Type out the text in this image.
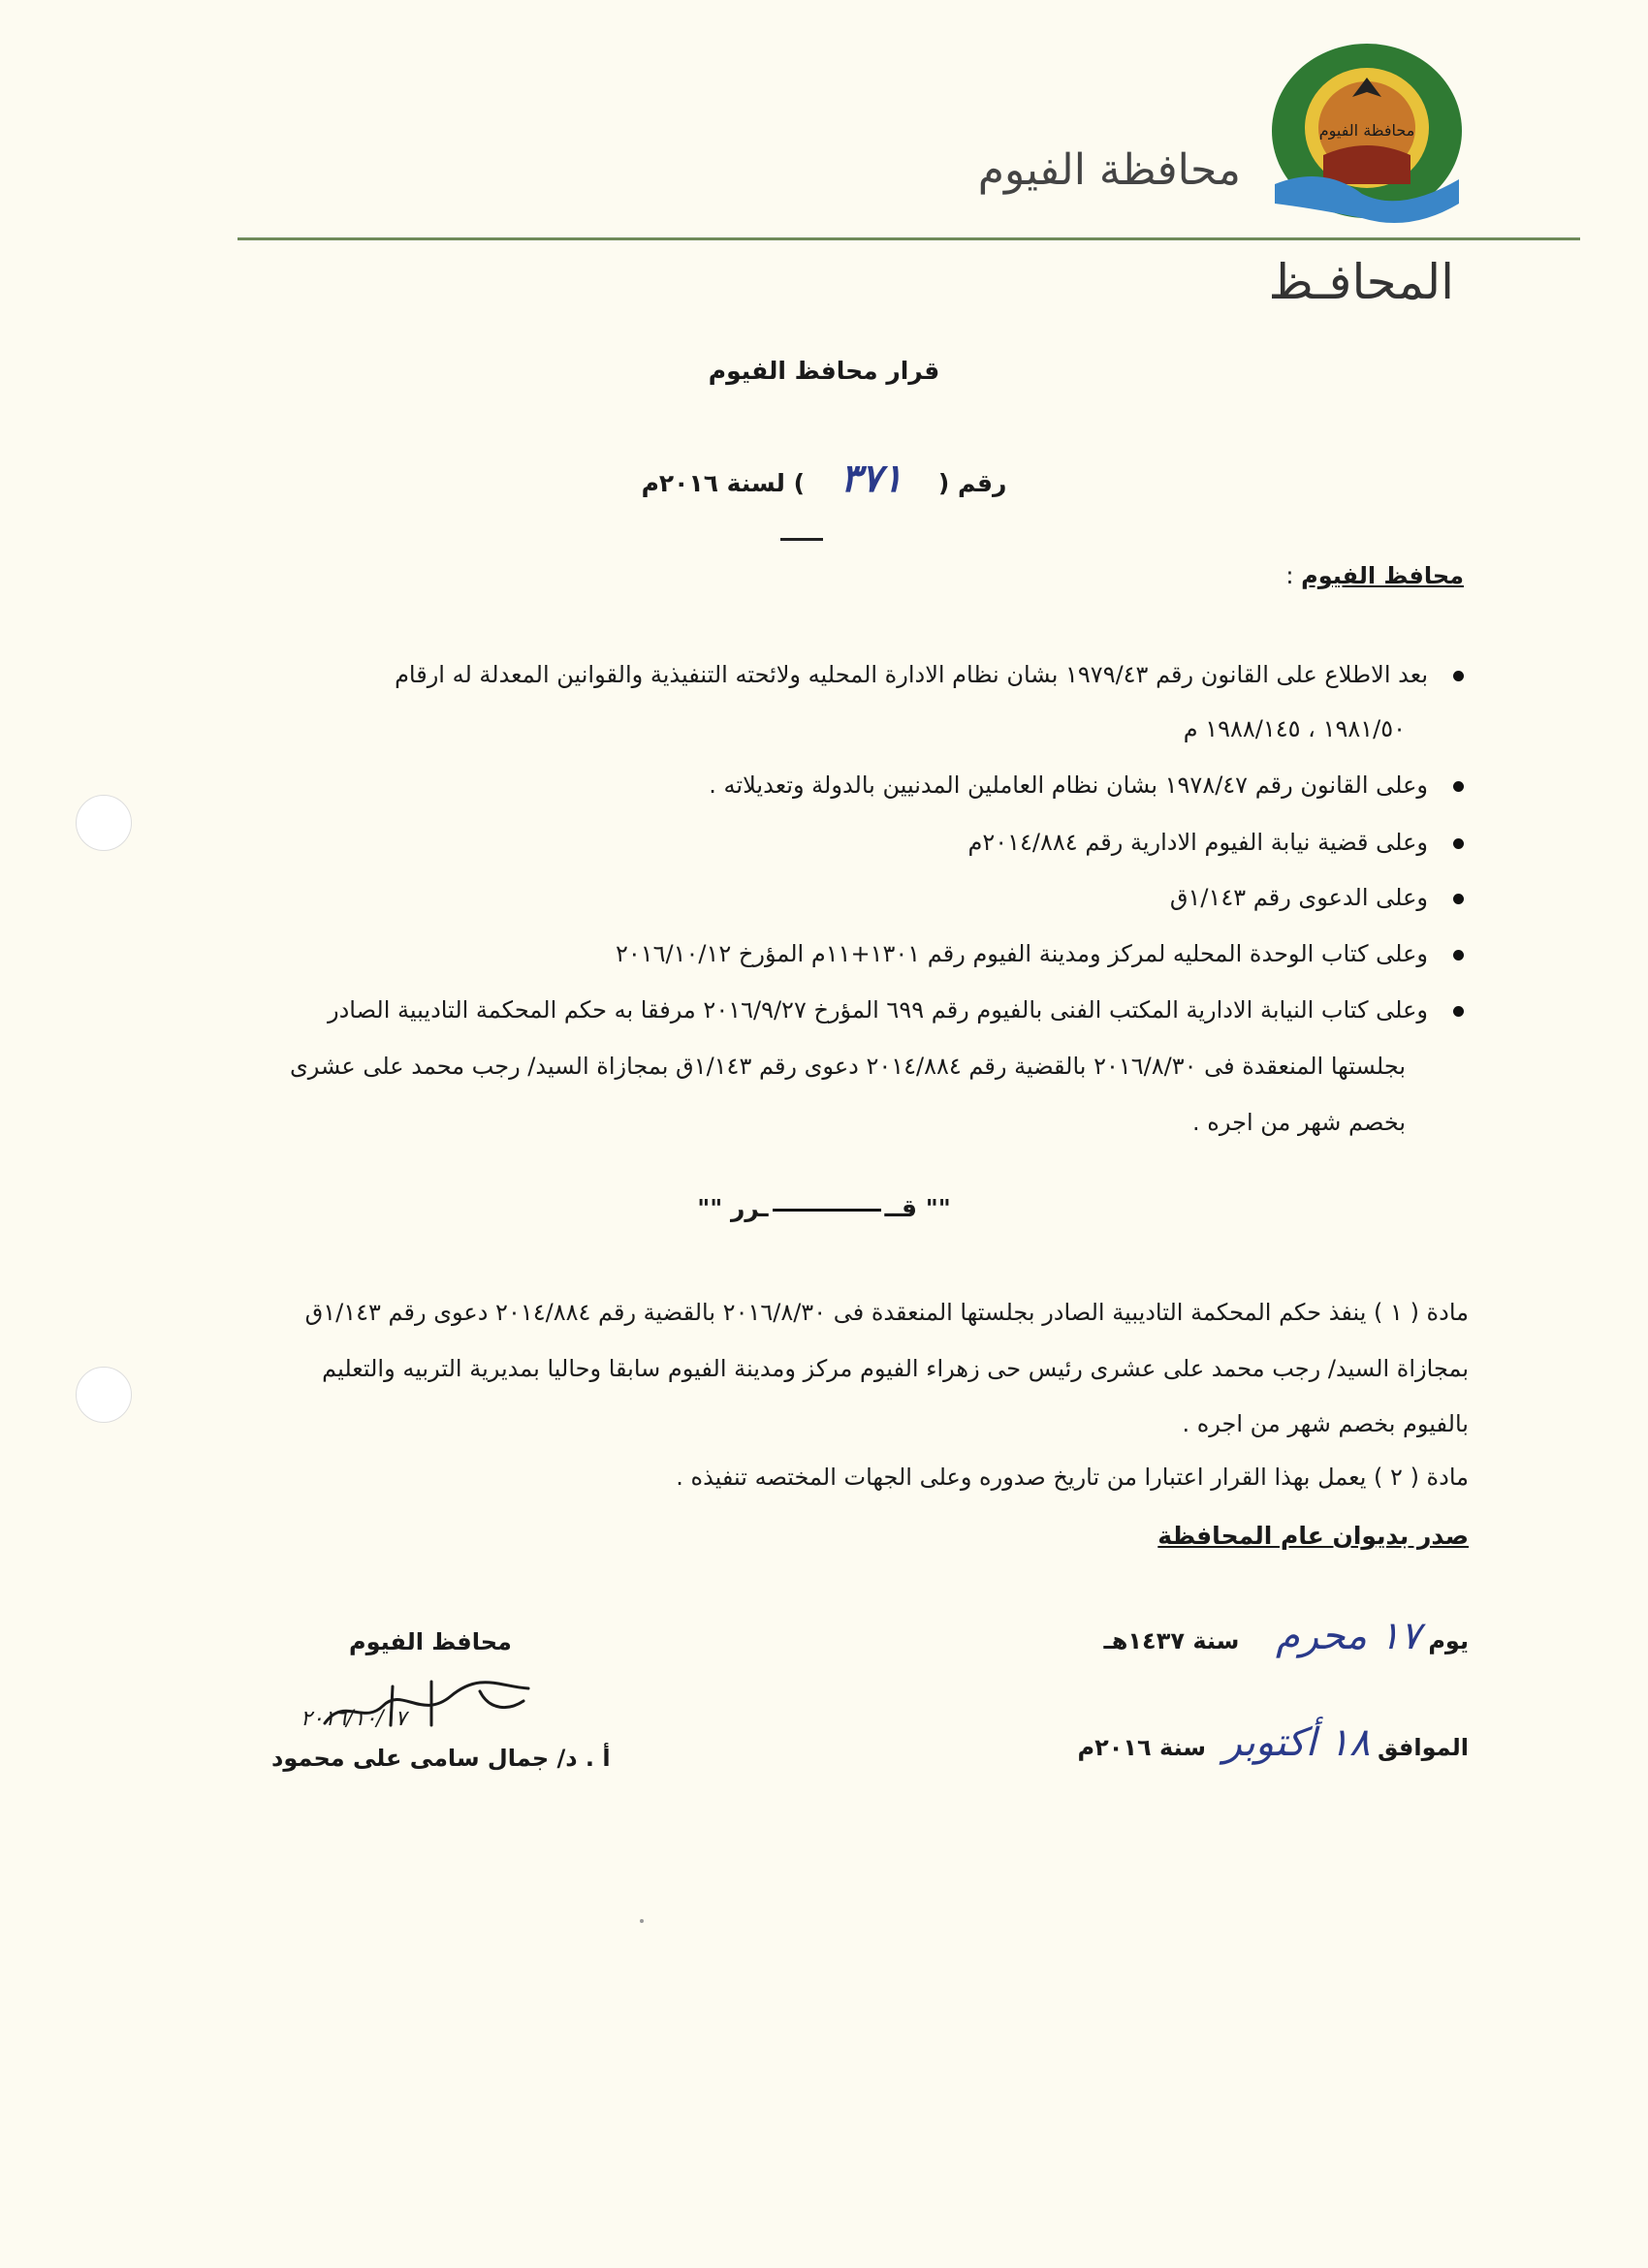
محافظة الفيوم
محافظة الفيوم
المحافـظ
قرار محافظ الفيوم
رقم ( ٣٧١ ) لسنة ٢٠١٦م
محافظ الفيوم :
بعد الاطلاع على القانون رقم ١٩٧٩/٤٣ بشان نظام الادارة المحليه ولائحته التنفيذية والقوانين المعدلة له ارقام
١٩٨١/٥٠ ، ١٩٨٨/١٤٥ م
وعلى القانون رقم ١٩٧٨/٤٧ بشان نظام العاملين المدنيين بالدولة وتعديلاته .
وعلى قضية نيابة الفيوم الادارية رقم ٢٠١٤/٨٨٤م
وعلى الدعوى رقم ١/١٤٣ق
وعلى كتاب الوحدة المحليه لمركز ومدينة الفيوم رقم ١٣٠١+١١م المؤرخ ٢٠١٦/١٠/١٢
وعلى كتاب النيابة الادارية المكتب الفنى بالفيوم رقم ٦٩٩ المؤرخ ٢٠١٦/٩/٢٧ مرفقا به حكم المحكمة التاديبية الصادر
بجلستها المنعقدة فى ٢٠١٦/٨/٣٠ بالقضية رقم ٢٠١٤/٨٨٤ دعوى رقم ١/١٤٣ق بمجازاة السيد/ رجب محمد على عشرى
بخصم شهر من اجره .
"" قـــرر ""
مادة ( ١ ) ينفذ حكم المحكمة التاديبية الصادر بجلستها المنعقدة فى ٢٠١٦/٨/٣٠ بالقضية رقم ٢٠١٤/٨٨٤ دعوى رقم ١/١٤٣ق
بمجازاة السيد/ رجب محمد على عشرى رئيس حى زهراء الفيوم مركز ومدينة الفيوم سابقا وحاليا بمديرية التربيه والتعليم
بالفيوم بخصم شهر من اجره .
مادة ( ٢ ) يعمل بهذا القرار اعتبارا من تاريخ صدوره وعلى الجهات المختصه تنفيذه .
صدر بديوان عام المحافظة
يوم ١٧ محرم سنة ١٤٣٧هـ
الموافق ١٨ أكتوبر سنة ٢٠١٦م
محافظ الفيوم
٢٠١٦/١٠/١٧
أ . د/ جمال سامى على محمود
